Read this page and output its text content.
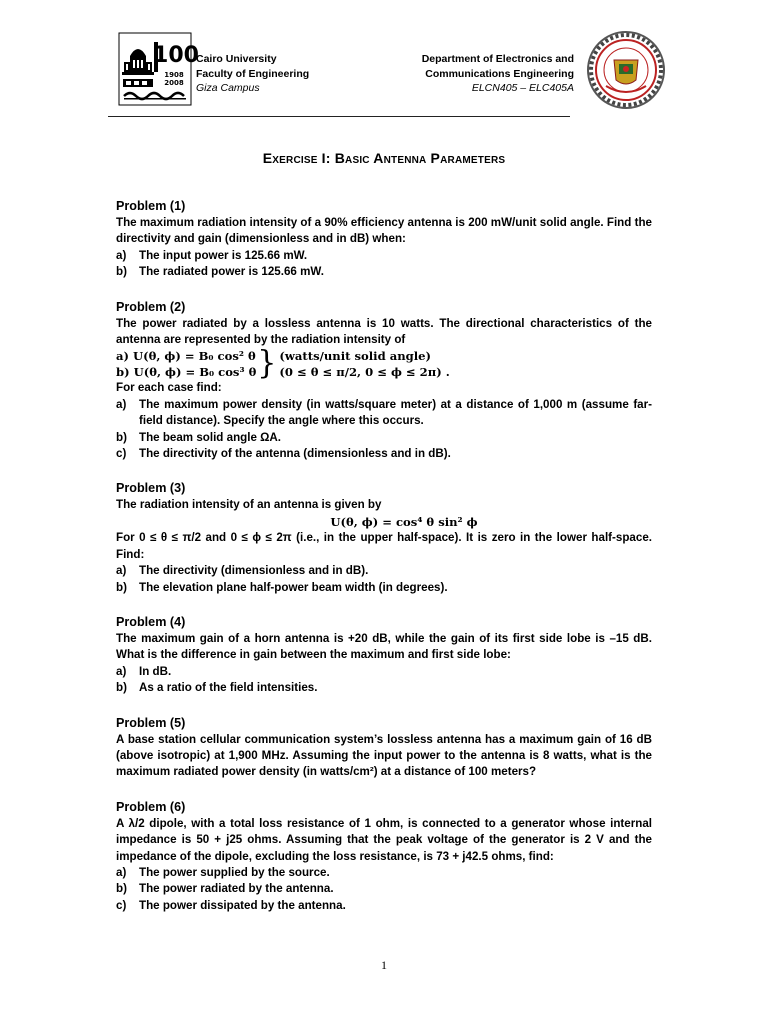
100
1908
2008
Cairo University
Faculty of Engineering
Giza Campus
Department of Electronics and
Communications Engineering
ELCN405 – ELC405A
Exercise I: Basic Antenna Parameters
Problem (1)
The maximum radiation intensity of a 90% efficiency antenna is 200 mW/unit solid angle. Find the directivity and gain (dimensionless and in dB) when:
a)	The input power is 125.66 mW.
b)	The radiated power is 125.66 mW.
Problem (2)
The power radiated by a lossless antenna is 10 watts. The directional characteristics of the antenna are represented by the radiation intensity of
a) U(θ, ϕ) = B₀ cos² θ
b) U(θ, ϕ) = B₀ cos³ θ } (watts/unit solid angle)
(0 ≤ θ ≤ π/2, 0 ≤ ϕ ≤ 2π) .
For each case find:
a)	The maximum power density (in watts/square meter) at a distance of 1,000 m (assume far-field distance). Specify the angle where this occurs.
b)	The beam solid angle ΩA.
c)	The directivity of the antenna (dimensionless and in dB).
Problem (3)
The radiation intensity of an antenna is given by
U(θ, ϕ) = cos⁴ θ sin² ϕ
For 0 ≤ θ ≤ π/2 and 0 ≤ ϕ ≤ 2π (i.e., in the upper half-space). It is zero in the lower half-space. Find:
a)	The directivity (dimensionless and in dB).
b)	The elevation plane half-power beam width (in degrees).
Problem (4)
The maximum gain of a horn antenna is +20 dB, while the gain of its first side lobe is –15 dB. What is the difference in gain between the maximum and first side lobe:
a)	In dB.
b)	As a ratio of the field intensities.
Problem (5)
A base station cellular communication system’s lossless antenna has a maximum gain of 16 dB (above isotropic) at 1,900 MHz. Assuming the input power to the antenna is 8 watts, what is the maximum radiated power density (in watts/cm²) at a distance of 100 meters?
Problem (6)
A λ/2 dipole, with a total loss resistance of 1 ohm, is connected to a generator whose internal impedance is 50 + j25 ohms. Assuming that the peak voltage of the generator is 2 V and the impedance of the dipole, excluding the loss resistance, is 73 + j42.5 ohms, find:
a)	The power supplied by the source.
b)	The power radiated by the antenna.
c)	The power dissipated by the antenna.
1
